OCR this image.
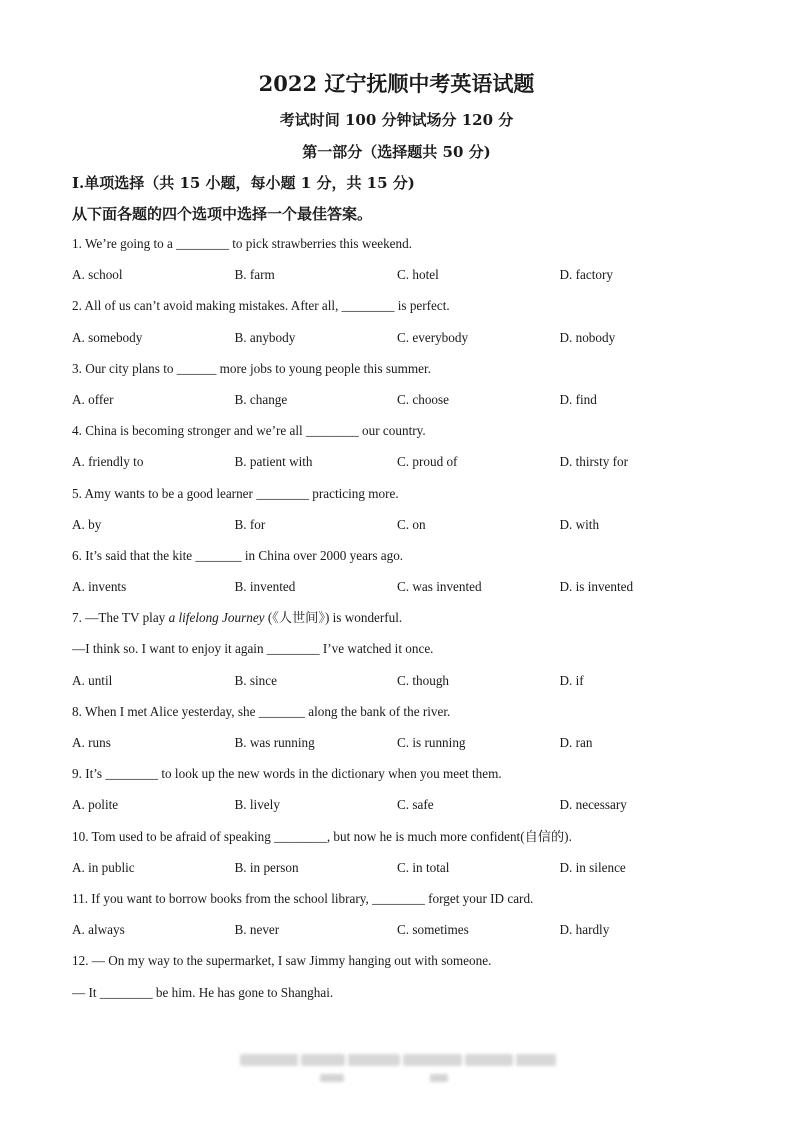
2022 辽宁抚顺中考英语试题
考试时间 100 分钟试场分 120 分
第一部分（选择题共 50 分)
I.单项选择（共 15 小题，每小题 1 分，共 15 分)
从下面各题的四个选项中选择一个最佳答案。
1. We’re going to a ________ to pick strawberries this weekend.
A. school	B. farm	C. hotel	D. factory
2. All of us can’t avoid making mistakes. After all, ________ is perfect.
A. somebody	B. anybody	C. everybody	D. nobody
3. Our city plans to ______ more jobs to young people this summer.
A. offer	B. change	C. choose	D. find
4. China is becoming stronger and we’re all ________ our country.
A. friendly to	B. patient with	C. proud of	D. thirsty for
5. Amy wants to be a good learner ________ practicing more.
A. by	B. for	C. on	D. with
6. It’s said that the kite _______ in China over 2000 years ago.
A. invents	B. invented	C. was invented	D. is invented
7. —The TV play a lifelong Journey (《人世间》) is wonderful.
—I think so. I want to enjoy it again ________ I’ve watched it once.
A. until	B. since	C. though	D. if
8. When I met Alice yesterday, she _______ along the bank of the river.
A. runs	B. was running	C. is running	D. ran
9. It’s ________ to look up the new words in the dictionary when you meet them.
A. polite	B. lively	C. safe	D. necessary
10. Tom used to be afraid of speaking ________, but now he is much more confident(自信的).
A. in public	B. in person	C. in total	D. in silence
11. If you want to borrow books from the school library, ________ forget your ID card.
A. always	B. never	C. sometimes	D. hardly
12. — On my way to the supermarket, I saw Jimmy hanging out with someone.
— It ________ be him. He has gone to Shanghai.
